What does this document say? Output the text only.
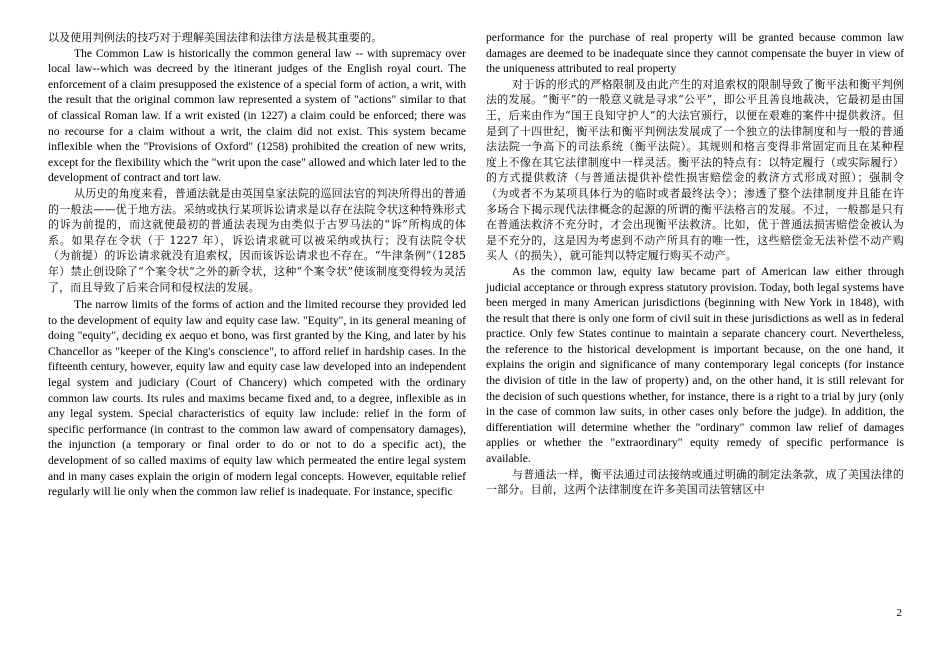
以及使用判例法的技巧对于理解美国法律和法律方法是极其重要的。

The Common Law is historically the common general law -- with supremacy over local law--which was decreed by the itinerant judges of the English royal court. The enforcement of a claim presupposed the existence of a special form of action, a writ, with the result that the original common law represented a system of "actions" similar to that of classical Roman law. If a writ existed (in 1227) a claim could be enforced; there was no recourse for a claim without a writ, the claim did not exist. This system became inflexible when the "Provisions of Oxford" (1258) prohibited the creation of new writs, except for the flexibility which the "writ upon the case" allowed and which later led to the development of contract and tort law.

从历史的角度来看，普通法就是由英国皇家法院的巡回法官的判决所得出的普通的一般法——优于地方法。采纳或执行某项诉讼请求是以存在法院令状这种特殊形式的诉为前提的，而这就使最初的普通法表现为由类似于古罗马法的“诉”所构成的体系。如果存在令状（于 1227 年），诉讼请求就可以被采纳或执行；没有法院令状（为前提）的诉讼请求就没有追索权，因而该诉讼请求也不存在。“牛津条例”（1285 年）禁止创设除了“个案令状”之外的新令状，这种“个案令状”使该制度变得较为灵活了，而且导致了后来合同和侵权法的发展。

The narrow limits of the forms of action and the limited recourse they provided led to the development of equity law and equity case law. "Equity", in its general meaning of doing "equity", deciding ex aequo et bono, was first granted by the King, and later by his Chancellor as "keeper of the King's conscience", to afford relief in hardship cases. In the fifteenth century, however, equity law and equity case law developed into an independent legal system and judiciary (Court of Chancery) which competed with the ordinary common law courts. Its rules and maxims became fixed and, to a degree, inflexible as in any legal system. Special characteristics of equity law include: relief in the form of specific performance (in contrast to the common law award of compensatory damages), the injunction (a temporary or final order to do or not to do a specific act), the development of so called maxims of equity law which permeated the entire legal system and in many cases explain the origin of modern legal concepts. However, equitable relief regularly will lie only when the common law relief is inadequate. For instance, specific

performance for the purchase of real property will be granted because common law damages are deemed to be inadequate since they cannot compensate the buyer in view of the uniqueness attributed to real property

对于诉的形式的严格限制及由此产生的对追索权的限制导致了衡平法和衡平判例法的发展。“衡平”的一般意义就是寻求“公平”，即公平且善良地裁决，它最初是由国王，后来由作为“国王良知守护人”的大法官颁行，以便在艰难的案件中提供救济。但是到了十四世纪，衡平法和衡平判例法发展成了一个独立的法律制度和与一般的普通法法院一争高下的司法系统（衡平法院）。其规则和格言变得非常固定而且在某种程度上不像在其它法律制度中一样灵活。衡平法的特点有：以特定履行（或实际履行）的方式提供救济（与普通法提供补偿性损害赔偿金的救济方式形成对照）；强制令（为或者不为某项具体行为的临时或者最终法令）；渗透了整个法律制度并且能在许多场合下揭示现代法律概念的起源的所谓的衡平法格言的发展。不过，一般都是只有在普通法救济不充分时，才会出现衡平法救济。比如，优于普通法损害赔偿金被认为是不充分的，这是因为考虑到不动产所具有的唯一性，这些赔偿金无法补偿不动产购买人（的损失），就可能判以特定履行购买不动产。

As the common law, equity law became part of American law either through judicial acceptance or through express statutory provision. Today, both legal systems have been merged in many American jurisdictions (beginning with New York in 1848), with the result that there is only one form of civil suit in these jurisdictions as well as in federal practice. Only few States continue to maintain a separate chancery court. Nevertheless, the reference to the historical development is important because, on the one hand, it explains the origin and significance of many contemporary legal concepts (for instance the division of title in the law of property) and, on the other hand, it is still relevant for the decision of such questions whether, for instance, there is a right to a trial by jury (only in the case of common law suits, in other cases only before the judge). In addition, the differentiation will determine whether the "ordinary" common law relief of damages applies or whether the "extraordinary" equity remedy of specific performance is available.

与普通法一样，衡平法通过司法接纳或通过明确的制定法条款，成了美国法律的一部分。目前，这两个法律制度在许多美国司法管辖区中

2
